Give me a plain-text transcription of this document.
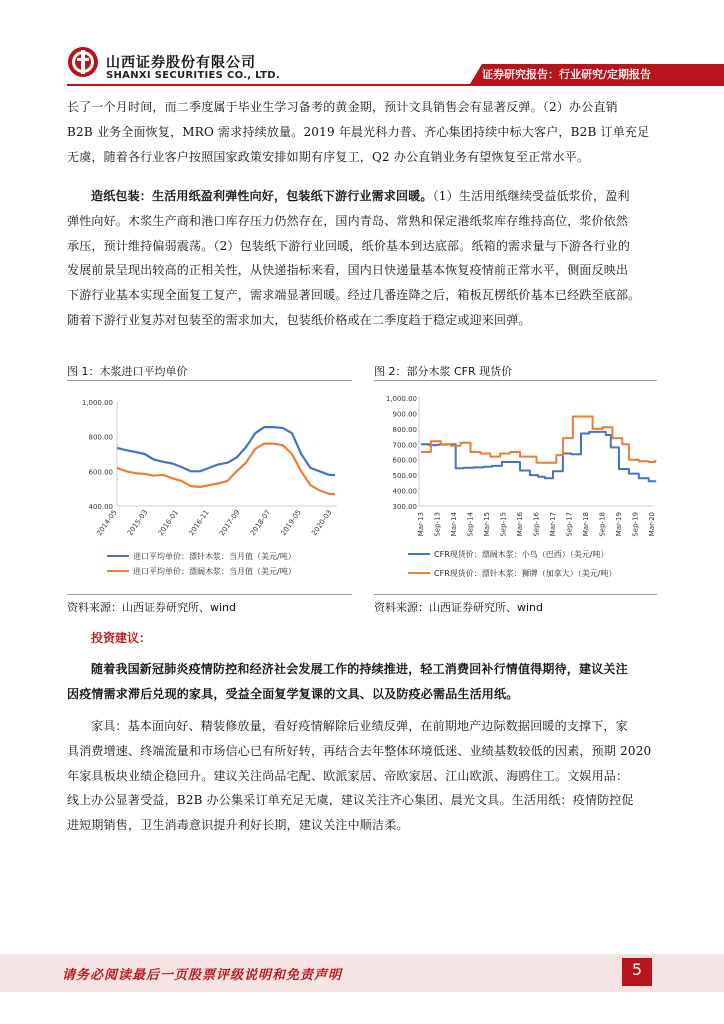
山西证券股份有限公司
SHANXI SECURITIES CO., LTD.	证券研究报告：行业研究/定期报告
长了一个月时间，而二季度属于毕业生学习备考的黄金期，预计文具销售会有显著反弹。（2）办公直销
B2B 业务全面恢复，MRO 需求持续放量。2019 年晨光科力普、齐心集团持续中标大客户，B2B 订单充足
无虞，随着各行业客户按照国家政策安排如期有序复工，Q2 办公直销业务有望恢复至正常水平。
造纸包装：生活用纸盈利弹性向好，包装纸下游行业需求回暖。（1）生活用纸继续受益低浆价，盈利
弹性向好。木浆生产商和港口库存压力仍然存在，国内青岛、常熟和保定港纸浆库存维持高位，浆价依然
承压，预计维持偏弱震荡。（2）包装纸下游行业回暖，纸价基本到达底部。纸箱的需求量与下游各行业的
发展前景呈现出较高的正相关性，从快递指标来看，国内日快递量基本恢复疫情前正常水平，侧面反映出
下游行业基本实现全面复工复产，需求端显著回暖。经过几番连降之后，箱板瓦楞纸价基本已经跌至底部。
随着下游行业复苏对包装至的需求加大，包装纸价格或在二季度趋于稳定或迎来回弹。
图 1：木浆进口平均单价	图 2：部分木浆 CFR 现货价
1,000.00
800.00
600.00
400.00
2014-05 2015-03 2016-01 2016-11 2017-09 2018-07 2019-05 2020-03
进口平均单价：漂针木浆：当月值（美元/吨）
进口平均单价：漂阔木浆：当月值（美元/吨）
1,000.00
900.00
800.00
700.00
600.00
500.00
400.00
300.00
Mar-13 Sep-13 Mar-14 Sep-14 Mar-15 Sep-15 Mar-16 Sep-16 Mar-17 Sep-17 Mar-18 Sep-18 Mar-19 Sep-19 Mar-20
CFR现货价：漂阔木浆：小鸟（巴西）（美元/吨）
CFR现货价：漂针木浆：狮牌（加拿大）（美元/吨）
资料来源：山西证券研究所、wind	资料来源：山西证券研究所、wind
投资建议：
随着我国新冠肺炎疫情防控和经济社会发展工作的持续推进，轻工消费回补行情值得期待，建议关注
因疫情需求滞后兑现的家具，受益全面复学复课的文具、以及防疫必需品生活用纸。
家具：基本面向好、精装修放量，看好疫情解除后业绩反弹，在前期地产边际数据回暖的支撑下，家
具消费增速、终端流量和市场信心已有所好转，再结合去年整体环境低迷、业绩基数较低的因素，预期 2020
年家具板块业绩企稳回升。建议关注尚品宅配、欧派家居、帝欧家居、江山欧派、海鸥住工。文娱用品：
线上办公显著受益，B2B 办公集采订单充足无虞，建议关注齐心集团、晨光文具。生活用纸：疫情防控促
进短期销售，卫生消毒意识提升利好长期，建议关注中顺洁柔。
请务必阅读最后一页股票评级说明和免责声明	5
